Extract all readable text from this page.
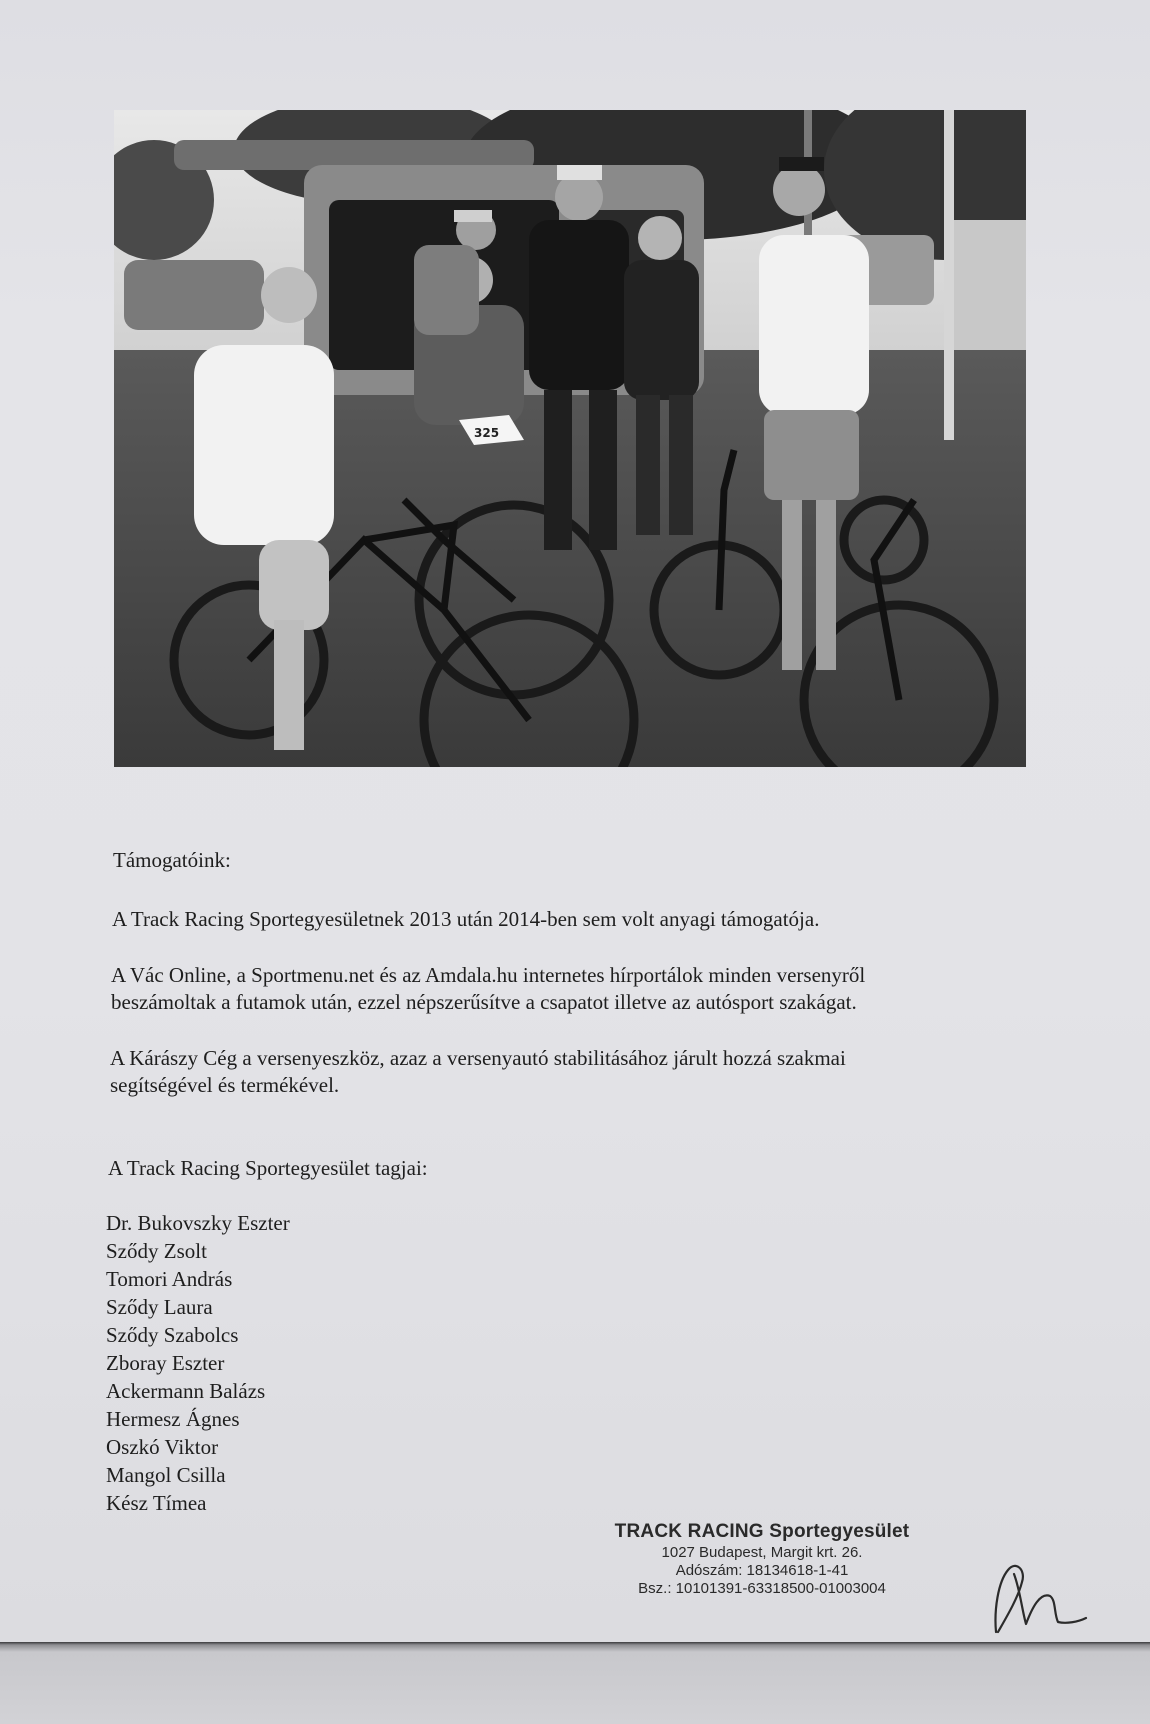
325
Támogatóink:
A Track Racing Sportegyesületnek 2013 után 2014-ben sem volt anyagi támogatója.
A Vác Online, a Sportmenu.net és az Amdala.hu internetes hírportálok minden versenyről
beszámoltak a futamok után, ezzel népszerűsítve a csapatot illetve az autósport szakágat.
A Kárászy Cég a versenyeszköz, azaz a versenyautó stabilitásához járult hozzá szakmai
segítségével és termékével.
A Track Racing Sportegyesület tagjai:
Dr. Bukovszky Eszter
Sződy Zsolt
Tomori András
Sződy Laura
Sződy Szabolcs
Zboray Eszter
Ackermann Balázs
Hermesz Ágnes
Oszkó Viktor
Mangol Csilla
Kész Tímea
TRACK RACING Sportegyesület
1027 Budapest, Margit krt. 26.
Adószám: 18134618-1-41
Bsz.: 10101391-63318500-01003004
